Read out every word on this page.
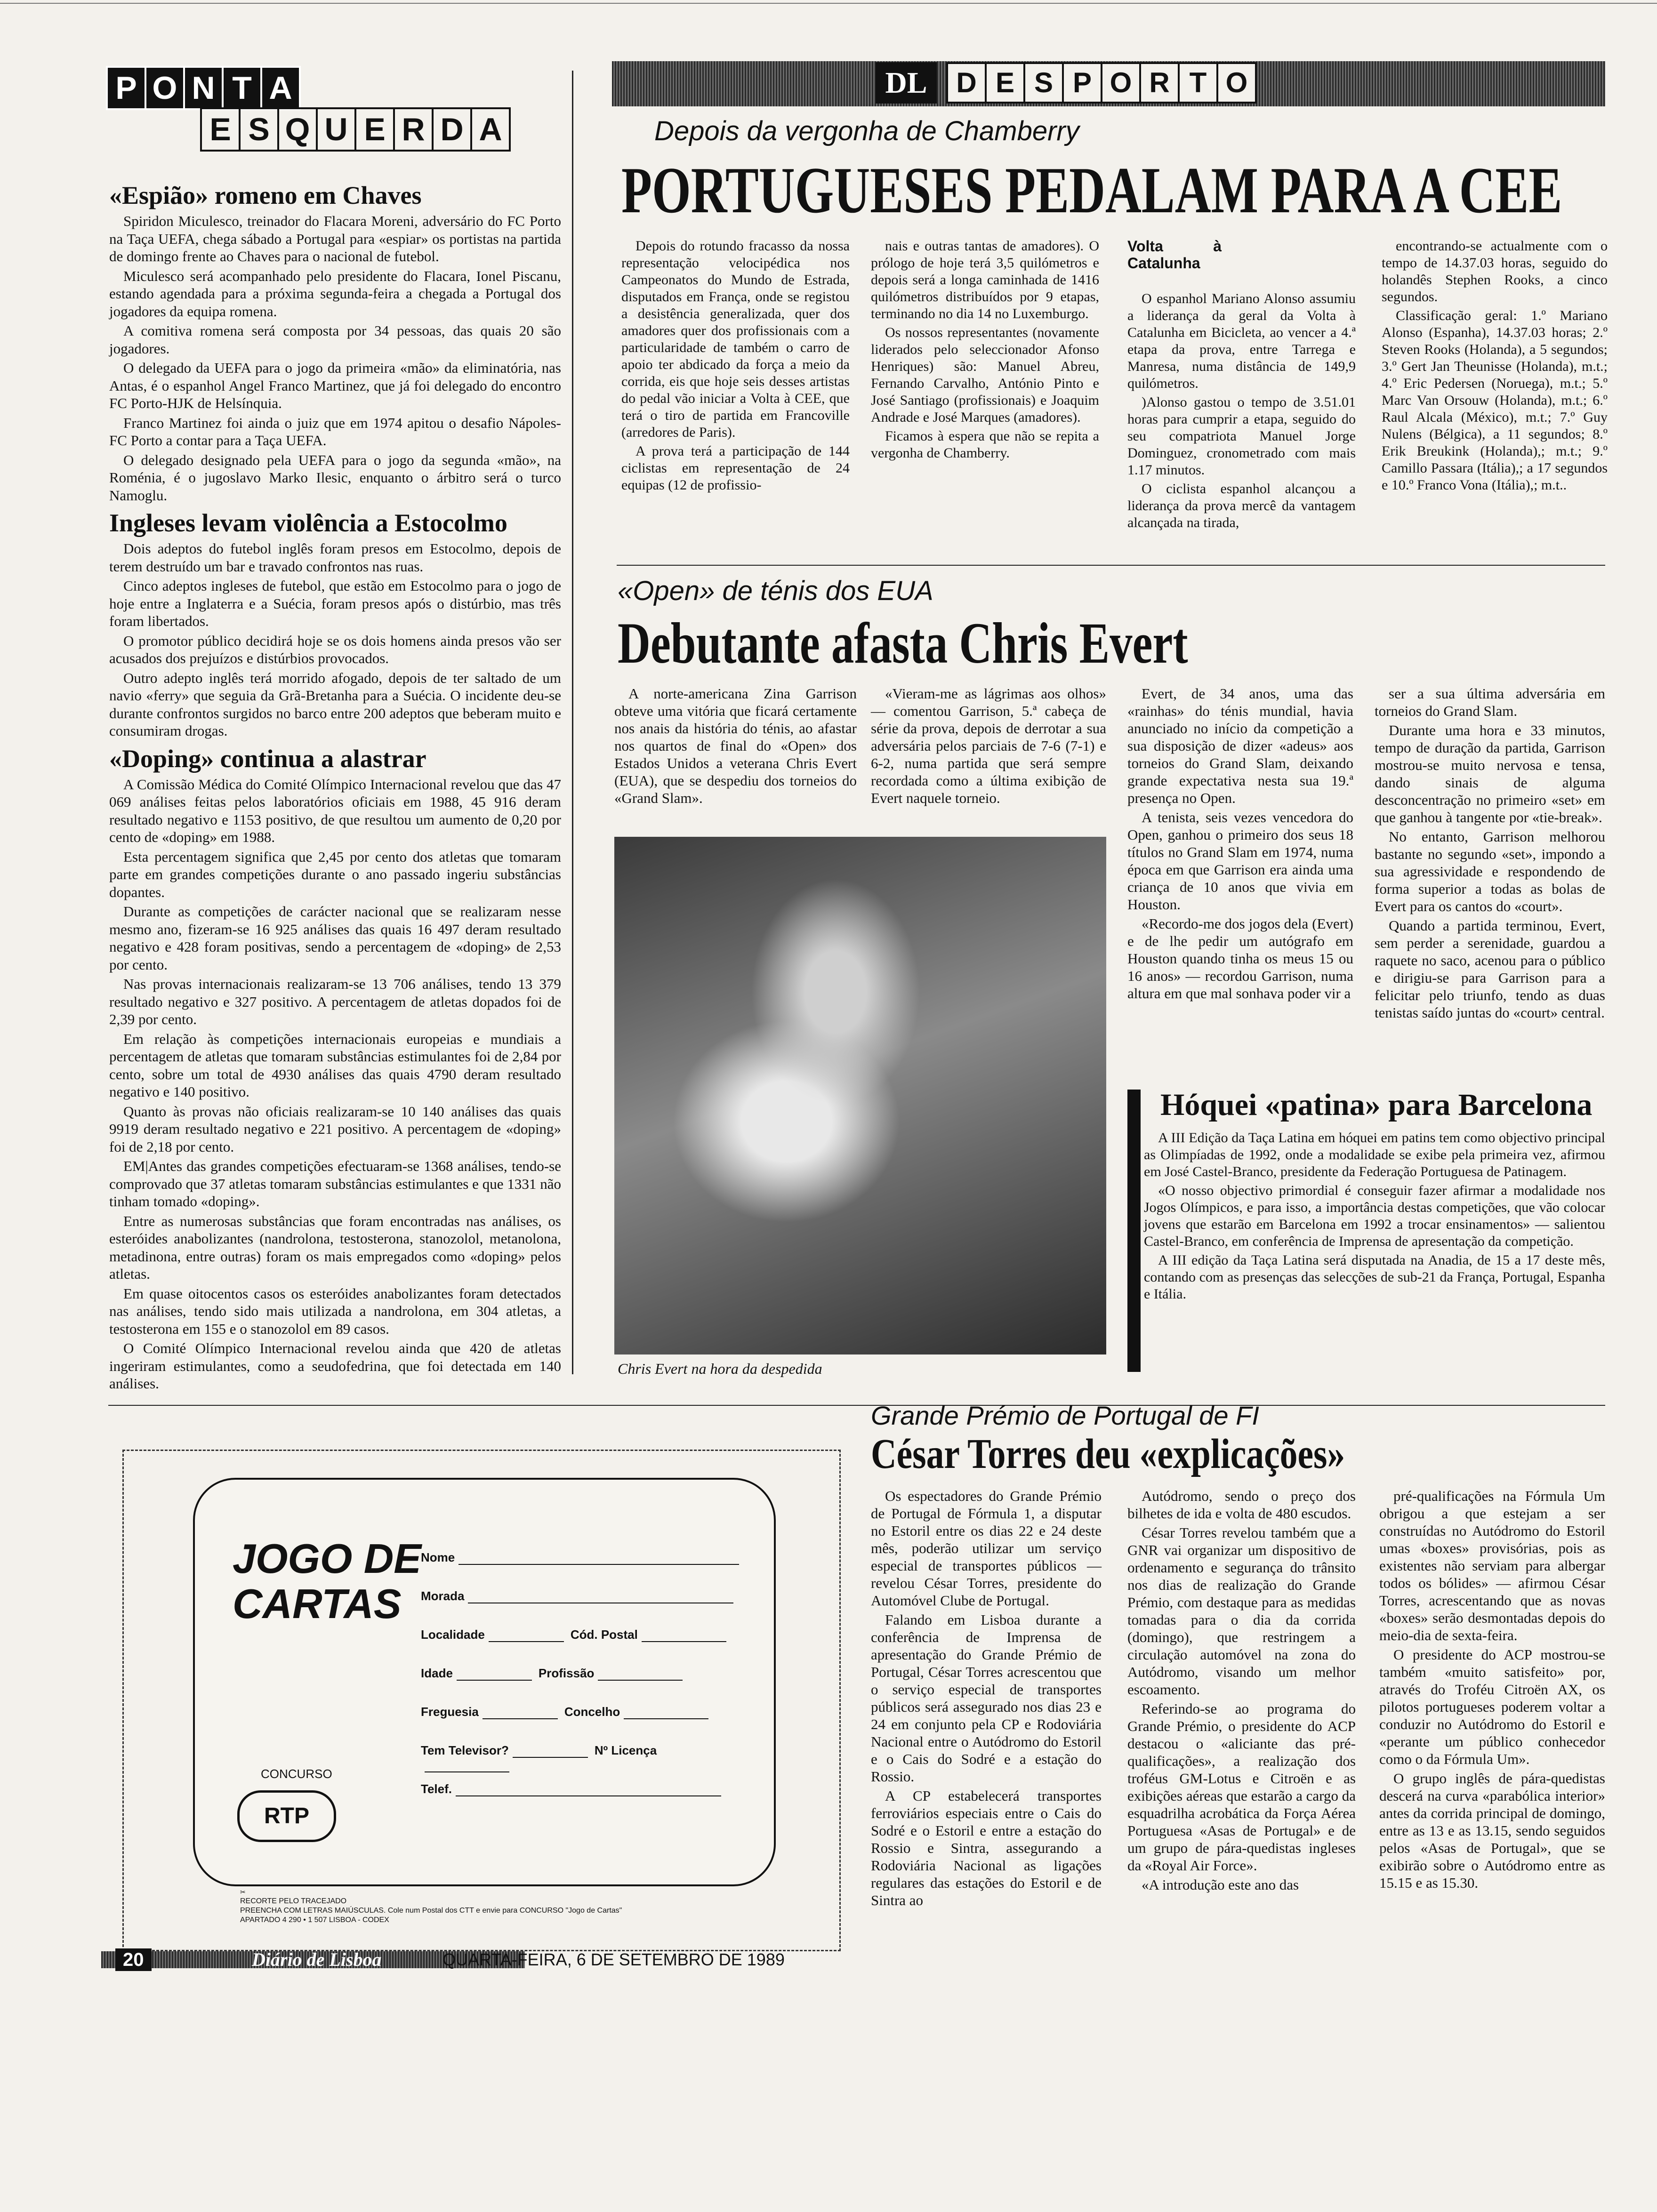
P O N T A
E S Q U E R D A
«Espião» romeno em Chaves

Spiridon Miculesco, treinador do Flacara Moreni, adversário do FC Porto na Taça UEFA, chega sábado a Portugal para «espiar» os portistas na partida de domingo frente ao Chaves para o nacional de futebol.

Miculesco será acompanhado pelo presidente do Flacara, Ionel Piscanu, estando agendada para a próxima segunda-feira a chegada a Portugal dos jogadores da equipa romena.

A comitiva romena será composta por 34 pessoas, das quais 20 são jogadores.

O delegado da UEFA para o jogo da primeira «mão» da eliminatória, nas Antas, é o espanhol Angel Franco Martinez, que já foi delegado do encontro FC Porto-HJK de Helsínquia.

Franco Martinez foi ainda o juiz que em 1974 apitou o desafio Nápoles-FC Porto a contar para a Taça UEFA.

O delegado designado pela UEFA para o jogo da segunda «mão», na Roménia, é o jugoslavo Marko Ilesic, enquanto o árbitro será o turco Namoglu.

Ingleses levam violência a Estocolmo

Dois adeptos do futebol inglês foram presos em Estocolmo, depois de terem destruído um bar e travado confrontos nas ruas.

Cinco adeptos ingleses de futebol, que estão em Estocolmo para o jogo de hoje entre a Inglaterra e a Suécia, foram presos após o distúrbio, mas três foram libertados.

O promotor público decidirá hoje se os dois homens ainda presos vão ser acusados dos prejuízos e distúrbios provocados.

Outro adepto inglês terá morrido afogado, depois de ter saltado de um navio «ferry» que seguia da Grã-Bretanha para a Suécia. O incidente deu-se durante confrontos surgidos no barco entre 200 adeptos que beberam muito e consumiram drogas.

«Doping» continua a alastrar

A Comissão Médica do Comité Olímpico Internacional revelou que das 47 069 análises feitas pelos laboratórios oficiais em 1988, 45 916 deram resultado negativo e 1153 positivo, de que resultou um aumento de 0,20 por cento de «doping» em 1988.

Esta percentagem significa que 2,45 por cento dos atletas que tomaram parte em grandes competições durante o ano passado ingeriu substâncias dopantes.

Durante as competições de carácter nacional que se realizaram nesse mesmo ano, fizeram-se 16 925 análises das quais 16 497 deram resultado negativo e 428 foram positivas, sendo a percentagem de «doping» de 2,53 por cento.

Nas provas internacionais realizaram-se 13 706 análises, tendo 13 379 resultado negativo e 327 positivo. A percentagem de atletas dopados foi de 2,39 por cento.

Em relação às competições internacionais europeias e mundiais a percentagem de atletas que tomaram substâncias estimulantes foi de 2,84 por cento, sobre um total de 4930 análises das quais 4790 deram resultado negativo e 140 positivo.

Quanto às provas não oficiais realizaram-se 10 140 análises das quais 9919 deram resultado negativo e 221 positivo. A percentagem de «doping» foi de 2,18 por cento.

EM|Antes das grandes competições efectuaram-se 1368 análises, tendo-se comprovado que 37 atletas tomaram substâncias estimulantes e que 1331 não tinham tomado «doping».

Entre as numerosas substâncias que foram encontradas nas análises, os esteróides anabolizantes (nandrolona, testosterona, stanozolol, metanolona, metadinona, entre outras) foram os mais empregados como «doping» pelos atletas.

Em quase oitocentos casos os esteróides anabolizantes foram detectados nas análises, tendo sido mais utilizada a nandrolona, em 304 atletas, a testosterona em 155 e o stanozolol em 89 casos.

O Comité Olímpico Internacional revelou ainda que 420 de atletas ingeriram estimulantes, como a seudofedrina, que foi detectada em 140 análises.

DL	D E S P O R T O
Depois da vergonha de Chamberry
PORTUGUESES PEDALAM PARA A CEE

Depois do rotundo fracasso da nossa representação velocipédica nos Campeonatos do Mundo de Estrada, disputados em França, onde se registou a desistência generalizada, quer dos amadores quer dos profissionais com a particularidade de também o carro de apoio ter abdicado da força a meio da corrida, eis que hoje seis desses artistas do pedal vão iniciar a Volta à CEE, que terá o tiro de partida em Francoville (arredores de Paris).

A prova terá a participação de 144 ciclistas em representação de 24 equipas (12 de profissio-

nais e outras tantas de amadores). O prólogo de hoje terá 3,5 quilómetros e depois será a longa caminhada de 1416 quilómetros distribuídos por 9 etapas, terminando no dia 14 no Luxemburgo.

Os nossos representantes (novamente liderados pelo seleccionador Afonso Henriques) são: Manuel Abreu, Fernando Carvalho, António Pinto e José Santiago (profissionais) e Joaquim Andrade e José Marques (amadores).

Ficamos à espera que não se repita a vergonha de Chamberry.

Volta à Catalunha

O espanhol Mariano Alonso assumiu a liderança da geral da Volta à Catalunha em Bicicleta, ao vencer a 4.ª etapa da prova, entre Tarrega e Manresa, numa distância de 149,9 quilómetros.

)Alonso gastou o tempo de 3.51.01 horas para cumprir a etapa, seguido do seu compatriota Manuel Jorge Dominguez, cronometrado com mais 1.17 minutos.

O ciclista espanhol alcançou a liderança da prova mercê da vantagem alcançada na tirada,

encontrando-se actualmente com o tempo de 14.37.03 horas, seguido do holandês Stephen Rooks, a cinco segundos.

Classificação geral: 1.º Mariano Alonso (Espanha), 14.37.03 horas; 2.º Steven Rooks (Holanda), a 5 segundos; 3.º Gert Jan Theunisse (Holanda), m.t.; 4.º Eric Pedersen (Noruega), m.t.; 5.º Marc Van Orsouw (Holanda), m.t.; 6.º Raul Alcala (México), m.t.; 7.º Guy Nulens (Bélgica), a 11 segundos; 8.º Erik Breukink (Holanda),; m.t.; 9.º Camillo Passara (Itália),; a 17 segundos e 10.º Franco Vona (Itália),; m.t..

«Open» de ténis dos EUA
Debutante afasta Chris Evert

A norte-americana Zina Garrison obteve uma vitória que ficará certamente nos anais da história do ténis, ao afastar nos quartos de final do «Open» dos Estados Unidos a veterana Chris Evert (EUA), que se despediu dos torneios do «Grand Slam».

«Vieram-me as lágrimas aos olhos» — comentou Garrison, 5.ª cabeça de série da prova, depois de derrotar a sua adversária pelos parciais de 7-6 (7-1) e 6-2, numa partida que será sempre recordada como a última exibição de Evert naquele torneio.

Evert, de 34 anos, uma das «rainhas» do ténis mundial, havia anunciado no início da competição a sua disposição de dizer «adeus» aos torneios do Grand Slam, deixando grande expectativa nesta sua 19.ª presença no Open.

A tenista, seis vezes vencedora do Open, ganhou o primeiro dos seus 18 títulos no Grand Slam em 1974, numa época em que Garrison era ainda uma criança de 10 anos que vivia em Houston.

«Recordo-me dos jogos dela (Evert) e de lhe pedir um autógrafo em Houston quando tinha os meus 15 ou 16 anos» — recordou Garrison, numa altura em que mal sonhava poder vir a

ser a sua última adversária em torneios do Grand Slam.

Durante uma hora e 33 minutos, tempo de duração da partida, Garrison mostrou-se muito nervosa e tensa, dando sinais de alguma desconcentração no primeiro «set» em que ganhou à tangente por «tie-break».

No entanto, Garrison melhorou bastante no segundo «set», impondo a sua agressividade e respondendo de forma superior a todas as bolas de Evert para os cantos do «court».

Quando a partida terminou, Evert, sem perder a serenidade, guardou a raquete no saco, acenou para o público e dirigiu-se para Garrison para a felicitar pelo triunfo, tendo as duas tenistas saído juntas do «court» central.

Chris Evert na hora da despedida
Hóquei «patina» para Barcelona

A III Edição da Taça Latina em hóquei em patins tem como objectivo principal as Olimpíadas de 1992, onde a modalidade se exibe pela primeira vez, afirmou em José Castel-Branco, presidente da Federação Portuguesa de Patinagem.

«O nosso objectivo primordial é conseguir fazer afirmar a modalidade nos Jogos Olímpicos, e para isso, a importância destas competições, que vão colocar jovens que estarão em Barcelona em 1992 a trocar ensinamentos» — salientou Castel-Branco, em conferência de Imprensa de apresentação da competição.

A III edição da Taça Latina será disputada na Anadia, de 15 a 17 deste mês, contando com as presenças das selecções de sub-21 da França, Portugal, Espanha e Itália.

Grande Prémio de Portugal de FI
César Torres deu «explicações»

Os espectadores do Grande Prémio de Portugal de Fórmula 1, a disputar no Estoril entre os dias 22 e 24 deste mês, poderão utilizar um serviço especial de transportes públicos — revelou César Torres, presidente do Automóvel Clube de Portugal.

Falando em Lisboa durante a conferência de Imprensa de apresentação do Grande Prémio de Portugal, César Torres acrescentou que o serviço especial de transportes públicos será assegurado nos dias 23 e 24 em conjunto pela CP e Rodoviária Nacional entre o Autódromo do Estoril e o Cais do Sodré e a estação do Rossio.

A CP estabelecerá transportes ferroviários especiais entre o Cais do Sodré e o Estoril e entre a estação do Rossio e Sintra, assegurando a Rodoviária Nacional as ligações regulares das estações do Estoril e de Sintra ao

Autódromo, sendo o preço dos bilhetes de ida e volta de 480 escudos.

César Torres revelou também que a GNR vai organizar um dispositivo de ordenamento e segurança do trânsito nos dias de realização do Grande Prémio, com destaque para as medidas tomadas para o dia da corrida (domingo), que restringem a circulação automóvel na zona do Autódromo, visando um melhor escoamento.

Referindo-se ao programa do Grande Prémio, o presidente do ACP destacou o «aliciante das pré-qualificações», a realização dos troféus GM-Lotus e Citroën e as exibições aéreas que estarão a cargo da esquadrilha acrobática da Força Aérea Portuguesa «Asas de Portugal» e de um grupo de pára-quedistas ingleses da «Royal Air Force».

«A introdução este ano das

pré-qualificações na Fórmula Um obrigou a que estejam a ser construídas no Autódromo do Estoril umas «boxes» provisórias, pois as existentes não serviam para albergar todos os bólides» — afirmou César Torres, acrescentando que as novas «boxes» serão desmontadas depois do meio-dia de sexta-feira.

O presidente do ACP mostrou-se também «muito satisfeito» por, através do Troféu Citroën AX, os pilotos portugueses poderem voltar a conduzir no Autódromo do Estoril e «perante um público conhecedor como o da Fórmula Um».

O grupo inglês de pára-quedistas descerá na curva «parabólica interior» antes da corrida principal de domingo, entre as 13 e as 13.15, sendo seguidos pelos «Asas de Portugal», que se exibirão sobre o Autódromo entre as 15.15 e as 15.30.

JOGO DE
CARTAS
CONCURSO
RTP
Nome
Morada
Localidade	Cód. Postal
Idade	Profissão
Freguesia	Concelho
Tem Televisor?	Nº Licença
Telef.
✂
RECORTE PELO TRACEJADO
PREENCHA COM LETRAS MAIÚSCULAS. Cole num Postal dos CTT e envie para CONCURSO "Jogo de Cartas"
APARTADO 4 290 • 1 507 LISBOA - CODEX
20	Diário de Lisboa	QUARTA-FEIRA, 6 DE SETEMBRO DE 1989
